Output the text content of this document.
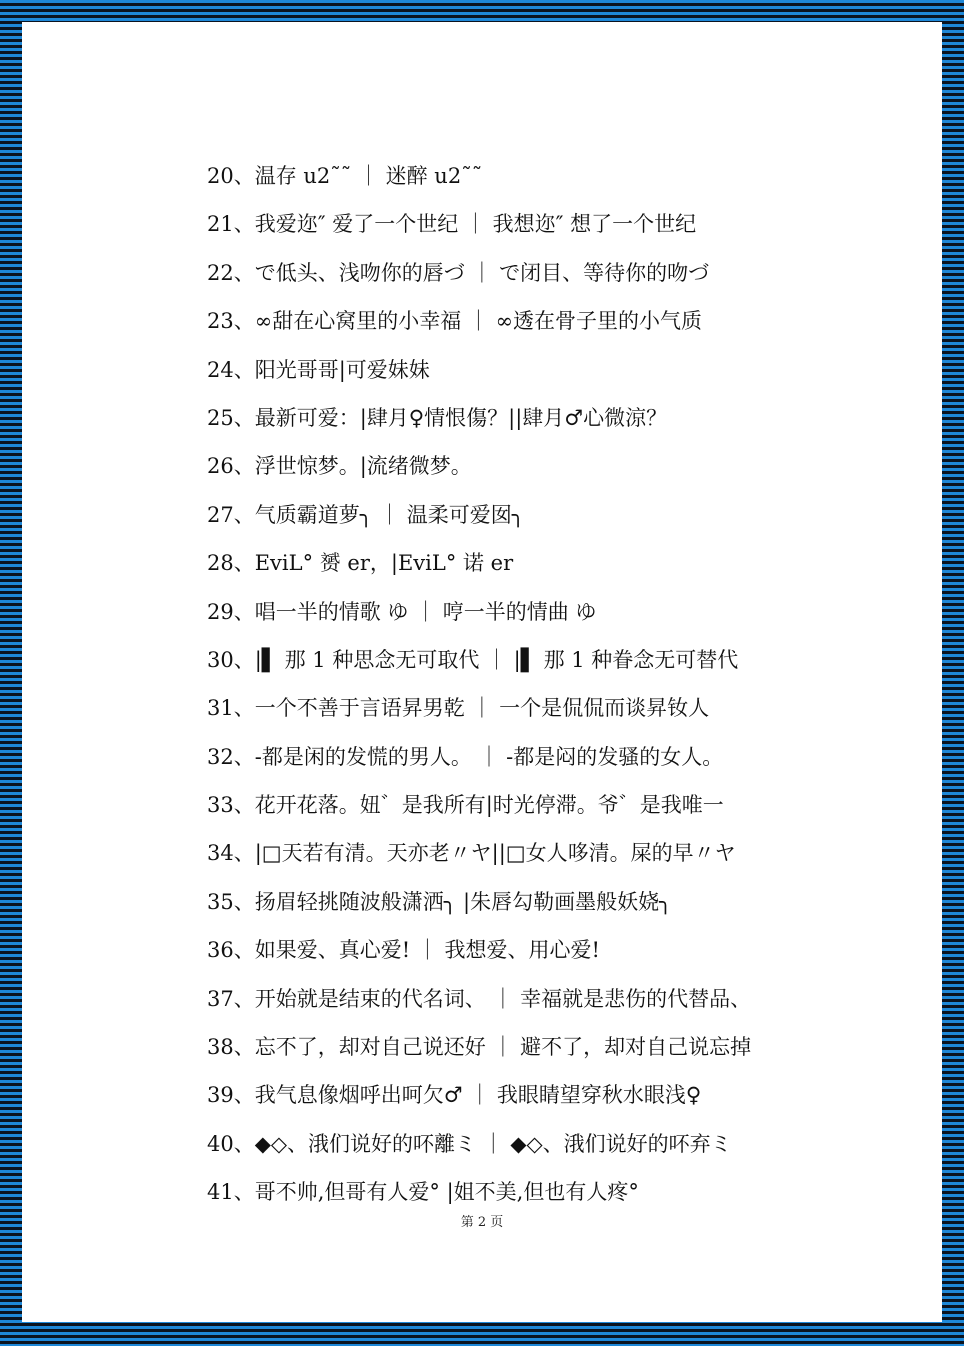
20、温存 u2˜˜ ｜ 迷醉 u2˜˜
21、我爱迩″ 爱了一个世纪 ｜ 我想迩″ 想了一个世纪
22、で低头、浅吻你的唇づ ｜ で闭目、等待你的吻づ
23、∞甜在心窝里的小幸福 ｜ ∞透在骨子里的小气质
24、阳光哥哥|可爱妹妹
25、最新可爱：|肆月♀情恨傷？||肆月♂心微涼？
26、浮世惊梦。|流绪微梦。
27、气质霸道萝╮ ｜ 温柔可爱囡╮
28、EviL° 赟 er，|EviL° 诺 er
29、唱一半的情歌 ゆ ｜ 哼一半的情曲 ゆ
30、|▌ 那 1 种思念无可取代 ｜ |▌ 那 1 种眷念无可替代
31、一个不善于言语昇男乾 ｜ 一个是侃侃而谈昇钕人
32、-都是闲的发慌的男人。 ｜ -都是闷的发骚的女人。
33、花开花落。妞゛是我所有|时光停滞。爷゛是我唯一
34、|□天若有清。天亦老〃ヤ||□女人哆清。屎的早〃ヤ
35、扬眉轻挑随波般潇洒╮ |朱唇勾勒画墨般妖娆╮
36、如果爱、真心爱! ｜ 我想爱、用心爱!
37、开始就是结束的代名词、 ｜ 幸福就是悲伤的代替品、
38、忘不了，却对自己说还好 ｜ 避不了，却对自己说忘掉
39、我气息像烟呼出呵欠♂ ｜ 我眼睛望穿秋水眼浅♀
40、◆◇、涐们说好的吥離ミ ｜ ◆◇、涐们说好的吥弃ミ
41、哥不帅,但哥有人爱° |姐不美,但也有人疼°
第 2 页
